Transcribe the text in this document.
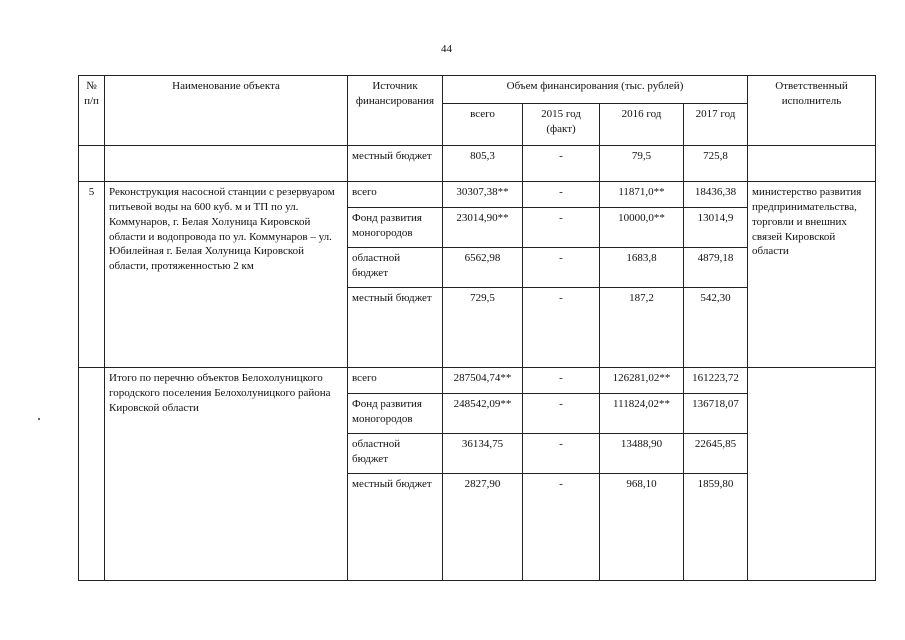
44
№ п/п	Наименование объекта	Источник финансирования	Объем финансирования (тыс. рублей)				Ответственный исполнитель
			всего	2015 год (факт)	2016 год	2017 год	
		местный бюджет	805,3	-	79,5	725,8	
5	Реконструкция насосной станции с резервуаром питьевой воды на 600 куб. м и ТП по ул. Коммунаров, г. Белая Холуница Кировской области и водопровода по ул. Коммунаров – ул. Юбилейная г. Белая Холуница Кировской области, протяженностью 2 км	всего	30307,38**	-	11871,0**	18436,38	министерство развития предпринимательства, торговли и внешних связей Кировской области
		Фонд развития моногородов	23014,90**	-	10000,0**	13014,9	
		областной бюджет	6562,98	-	1683,8	4879,18	
		местный бюджет	729,5	-	187,2	542,30	
	Итого по перечню объектов Белохолуницкого городского поселения Белохолуницкого района Кировской области	всего	287504,74**	-	126281,02**	161223,72	
		Фонд развития моногородов	248542,09**	-	111824,02**	136718,07	
		областной бюджет	36134,75	-	13488,90	22645,85	
		местный бюджет	2827,90	-	968,10	1859,80	
